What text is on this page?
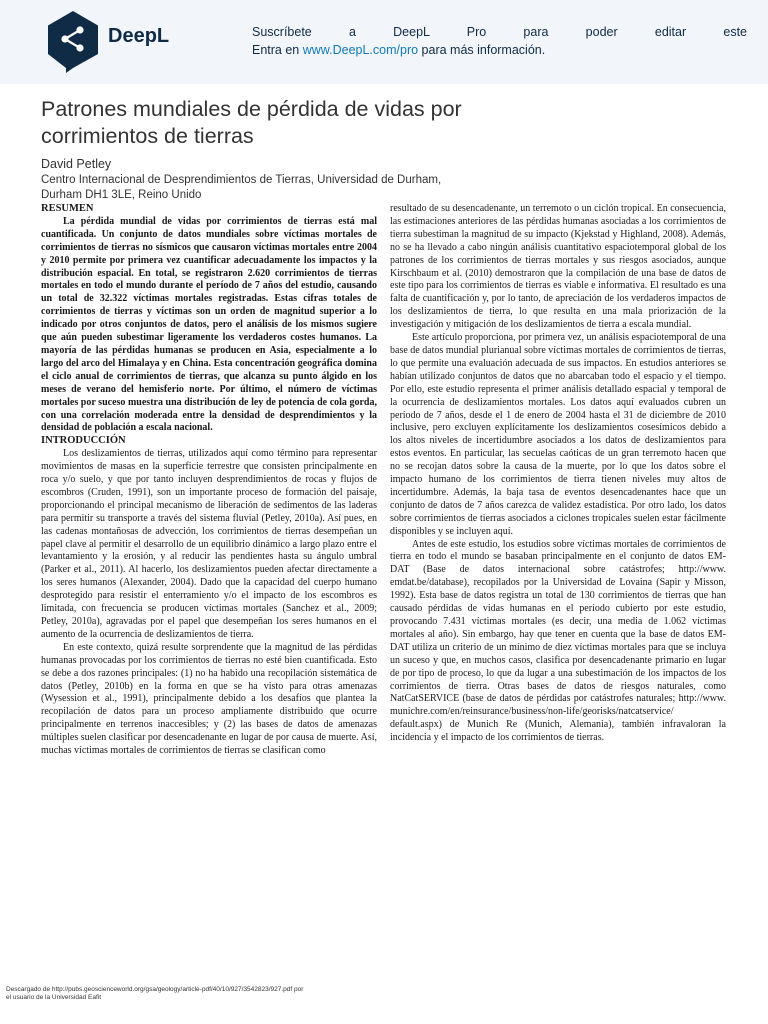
DeepL	Suscríbete a DeepL Pro para poder editar este
Entra en www.DeepL.com/pro para más información.
Patrones mundiales de pérdida de vidas por corrimientos de tierras
David Petley
Centro Internacional de Desprendimientos de Tierras, Universidad de Durham, Durham DH1 3LE, Reino Unido

RESUMEN

La pérdida mundial de vidas por corrimientos de tierras está mal cuantificada. Un conjunto de datos mundiales sobre víctimas mortales de corrimientos de tierras no sísmicos que causaron víctimas mortales entre 2004 y 2010 permite por primera vez cuantificar adecuadamente los impactos y la distribución espacial. En total, se registraron 2.620 corrimientos de tierras mortales en todo el mundo durante el período de 7 años del estudio, causando un total de 32.322 víctimas mortales registradas. Estas cifras totales de corrimientos de tierras y víctimas son un orden de magnitud superior a lo indicado por otros conjuntos de datos, pero el análisis de los mismos sugiere que aún pueden subestimar ligeramente los verdaderos costes humanos. La mayoría de las pérdidas humanas se producen en Asia, especialmente a lo largo del arco del Himalaya y en China. Esta concentración geográfica domina el ciclo anual de corrimientos de tierras, que alcanza su punto álgido en los meses de verano del hemisferio norte. Por último, el número de víctimas mortales por suceso muestra una distribución de ley de potencia de cola gorda, con una correlación moderada entre la densidad de desprendimientos y la densidad de población a escala nacional.

INTRODUCCIÓN

Los deslizamientos de tierras, utilizados aquí como término para representar movimientos de masas en la superficie terrestre que consisten principalmente en roca y/o suelo, y que por tanto incluyen desprendimientos de rocas y flujos de escombros (Cruden, 1991), son un importante proceso de formación del paisaje, proporcionando el principal mecanismo de liberación de sedimentos de las laderas para permitir su transporte a través del sistema fluvial (Petley, 2010a). Así pues, en las cadenas montañosas de advección, los corrimientos de tierras desempeñan un papel clave al permitir el desarrollo de un equilibrio dinámico a largo plazo entre el levantamiento y la erosión, y al reducir las pendientes hasta su ángulo umbral (Parker et al., 2011). Al hacerlo, los deslizamientos pueden afectar directamente a los seres humanos (Alexander, 2004). Dado que la capacidad del cuerpo humano desprotegido para resistir el enterramiento y/o el impacto de los escombros es limitada, con frecuencia se producen víctimas mortales (Sanchez et al., 2009; Petley, 2010a), agravadas por el papel que desempeñan los seres humanos en el aumento de la ocurrencia de deslizamientos de tierra.

En este contexto, quizá resulte sorprendente que la magnitud de las pérdidas humanas provocadas por los corrimientos de tierras no esté bien cuantificada. Esto se debe a dos razones principales: (1) no ha habido una recopilación sistemática de datos (Petley, 2010b) en la forma en que se ha visto para otras amenazas (Wysession et al., 1991), principalmente debido a los desafíos que plantea la recopilación de datos para un proceso ampliamente distribuido que ocurre principalmente en terrenos inaccesibles; y (2) las bases de datos de amenazas múltiples suelen clasificar por desencadenante en lugar de por causa de muerte. Así, muchas víctimas mortales de corrimientos de tierras se clasifican como

resultado de su desencadenante, un terremoto o un ciclón tropical. En consecuencia, las estimaciones anteriores de las pérdidas humanas asociadas a los corrimientos de tierra subestiman la magnitud de su impacto (Kjekstad y Highland, 2008). Además, no se ha llevado a cabo ningún análisis cuantitativo espaciotemporal global de los patrones de los corrimientos de tierras mortales y sus riesgos asociados, aunque Kirschbaum et al. (2010) demostraron que la compilación de una base de datos de este tipo para los corrimientos de tierras es viable e informativa. El resultado es una falta de cuantificación y, por lo tanto, de apreciación de los verdaderos impactos de los deslizamientos de tierra, lo que resulta en una mala priorización de la investigación y mitigación de los deslizamientos de tierra a escala mundial.

Este artículo proporciona, por primera vez, un análisis espaciotemporal de una base de datos mundial plurianual sobre víctimas mortales de corrimientos de tierras, lo que permite una evaluación adecuada de sus impactos. En estudios anteriores se habían utilizado conjuntos de datos que no abarcaban todo el espacio y el tiempo. Por ello, este estudio representa el primer análisis detallado espacial y temporal de la ocurrencia de deslizamientos mortales. Los datos aquí evaluados cubren un período de 7 años, desde el 1 de enero de 2004 hasta el 31 de diciembre de 2010 inclusive, pero excluyen explícitamente los deslizamientos cosesímicos debido a los altos niveles de incertidumbre asociados a los datos de deslizamientos para estos eventos. En particular, las secuelas caóticas de un gran terremoto hacen que no se recojan datos sobre la causa de la muerte, por lo que los datos sobre el impacto humano de los corrimientos de tierra tienen niveles muy altos de incertidumbre. Además, la baja tasa de eventos desencadenantes hace que un conjunto de datos de 7 años carezca de validez estadística. Por otro lado, los datos sobre corrimientos de tierras asociados a ciclones tropicales suelen estar fácilmente disponibles y se incluyen aquí.

Antes de este estudio, los estudios sobre víctimas mortales de corrimientos de tierra en todo el mundo se basaban principalmente en el conjunto de datos EM-DAT (Base de datos internacional sobre catástrofes; http://www. emdat.be/database), recopilados por la Universidad de Lovaina (Sapir y Misson, 1992). Esta base de datos registra un total de 130 corrimientos de tierras que han causado pérdidas de vidas humanas en el período cubierto por este estudio, provocando 7.431 víctimas mortales (es decir, una media de 1.062 víctimas mortales al año). Sin embargo, hay que tener en cuenta que la base de datos EM-DAT utiliza un criterio de un mínimo de diez víctimas mortales para que se incluya un suceso y que, en muchos casos, clasifica por desencadenante primario en lugar de por tipo de proceso, lo que da lugar a una subestimación de los impactos de los corrimientos de tierra. Otras bases de datos de riesgos naturales, como NatCatSERVICE (base de datos de pérdidas por catástrofes naturales; http://www. munichre.com/en/reinsurance/business/non-life/georisks/natcatservice/ default.aspx) de Munich Re (Munich, Alemania), también infravaloran la incidencia y el impacto de los corrimientos de tierras.

Descargado de http://pubs.geoscienceworld.org/gsa/geology/article-pdf/40/10/927/3542823/927.pdf por
el usuario de la Universidad Eafit
